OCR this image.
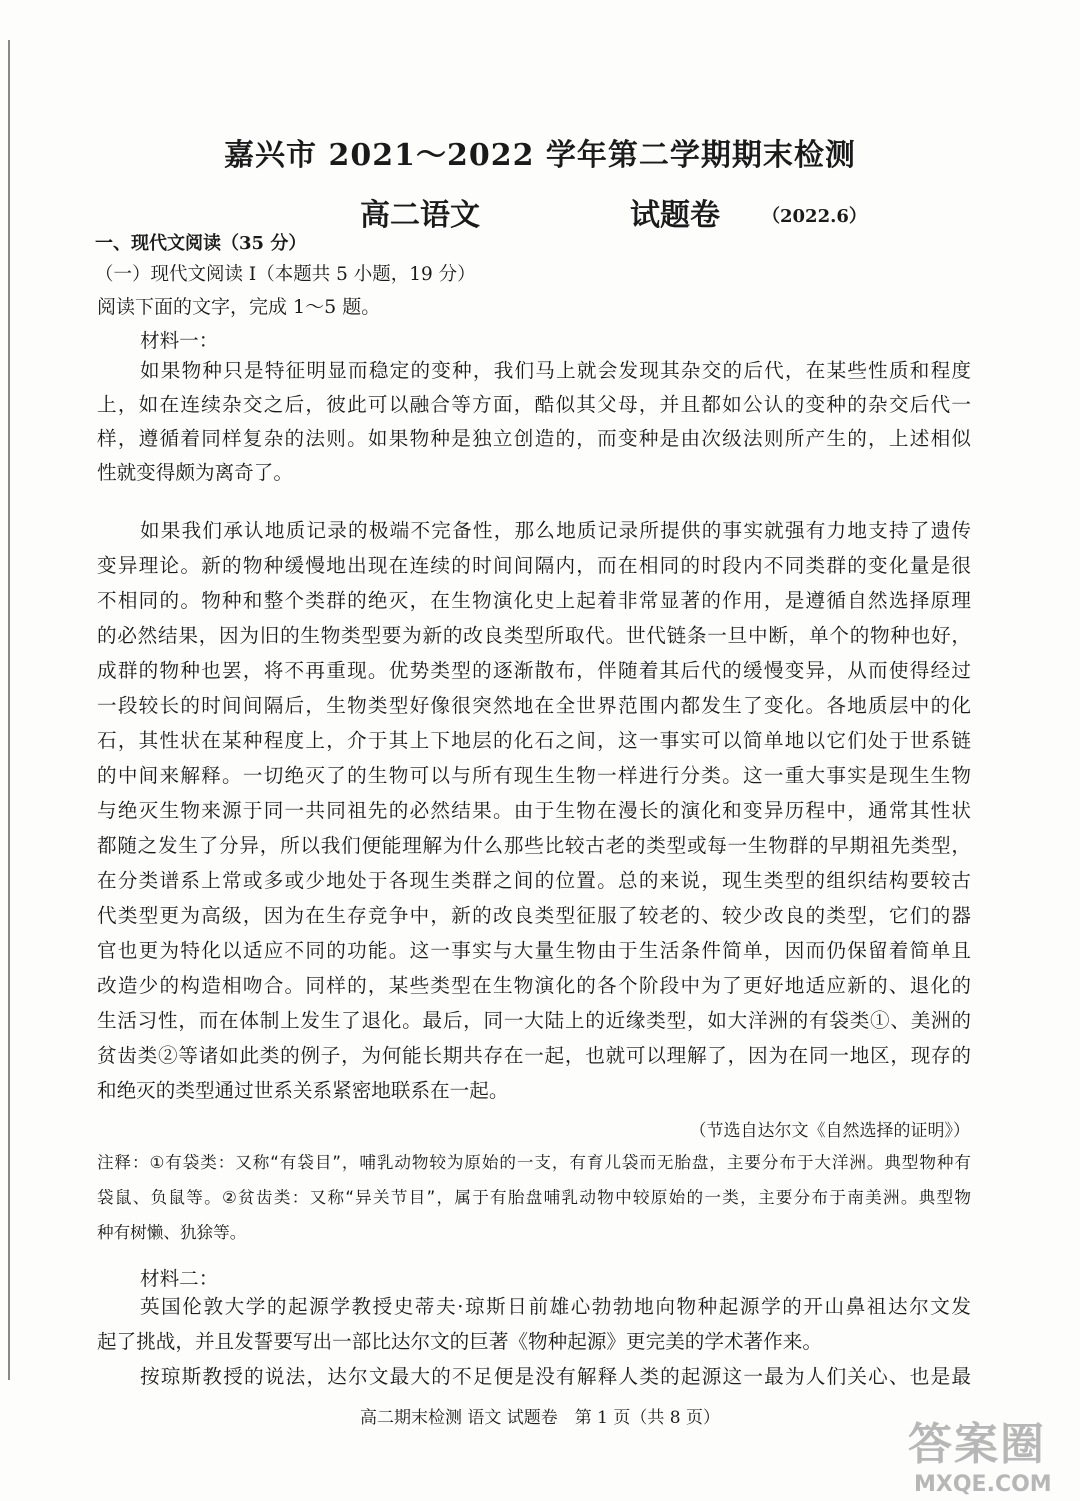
嘉兴市 2021～2022 学年第二学期期末检测
高二语文	试题卷	（2022.6）
一、现代文阅读（35 分）
（一）现代文阅读 I（本题共 5 小题，19 分）
阅读下面的文字，完成 1～5 题。
材料一：
如果物种只是特征明显而稳定的变种，我们马上就会发现其杂交的后代，在某些性质和程度
上，如在连续杂交之后，彼此可以融合等方面，酷似其父母，并且都如公认的变种的杂交后代一
样，遵循着同样复杂的法则。如果物种是独立创造的，而变种是由次级法则所产生的，上述相似
性就变得颇为离奇了。
如果我们承认地质记录的极端不完备性，那么地质记录所提供的事实就强有力地支持了遗传
变异理论。新的物种缓慢地出现在连续的时间间隔内，而在相同的时段内不同类群的变化量是很
不相同的。物种和整个类群的绝灭，在生物演化史上起着非常显著的作用，是遵循自然选择原理
的必然结果，因为旧的生物类型要为新的改良类型所取代。世代链条一旦中断，单个的物种也好，
成群的物种也罢，将不再重现。优势类型的逐渐散布，伴随着其后代的缓慢变异，从而使得经过
一段较长的时间间隔后，生物类型好像很突然地在全世界范围内都发生了变化。各地质层中的化
石，其性状在某种程度上，介于其上下地层的化石之间，这一事实可以简单地以它们处于世系链
的中间来解释。一切绝灭了的生物可以与所有现生生物一样进行分类。这一重大事实是现生生物
与绝灭生物来源于同一共同祖先的必然结果。由于生物在漫长的演化和变异历程中，通常其性状
都随之发生了分异，所以我们便能理解为什么那些比较古老的类型或每一生物群的早期祖先类型，
在分类谱系上常或多或少地处于各现生类群之间的位置。总的来说，现生类型的组织结构要较古
代类型更为高级，因为在生存竞争中，新的改良类型征服了较老的、较少改良的类型，它们的器
官也更为特化以适应不同的功能。这一事实与大量生物由于生活条件简单，因而仍保留着简单且
改造少的构造相吻合。同样的，某些类型在生物演化的各个阶段中为了更好地适应新的、退化的
生活习性，而在体制上发生了退化。最后，同一大陆上的近缘类型，如大洋洲的有袋类①、美洲的
贫齿类②等诸如此类的例子，为何能长期共存在一起，也就可以理解了，因为在同一地区，现存的
和绝灭的类型通过世系关系紧密地联系在一起。
（节选自达尔文《自然选择的证明》）
注释：①有袋类：又称“有袋目”，哺乳动物较为原始的一支，有育儿袋而无胎盘，主要分布于大洋洲。典型物种有
袋鼠、负鼠等。②贫齿类：又称“异关节目”，属于有胎盘哺乳动物中较原始的一类，主要分布于南美洲。典型物
种有树懒、犰狳等。
材料二：
英国伦敦大学的起源学教授史蒂夫·琼斯日前雄心勃勃地向物种起源学的开山鼻祖达尔文发
起了挑战，并且发誓要写出一部比达尔文的巨著《物种起源》更完美的学术著作来。
按琼斯教授的说法，达尔文最大的不足便是没有解释人类的起源这一最为人们关心、也是最
高二期末检测 语文 试题卷　第 1 页（共 8 页）
答案圈
MXQE.COM
